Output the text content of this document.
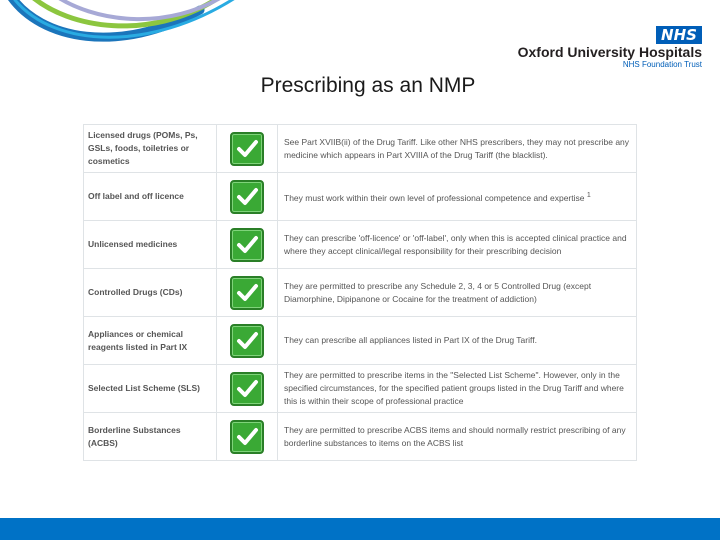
NHS
Oxford University Hospitals
NHS Foundation Trust
Prescribing as an NMP
Licensed drugs (POMs, Ps, GSLs, foods, toiletries or cosmetics		See Part XVIIB(ii) of the Drug Tariff. Like other NHS prescribers, they may not prescribe any medicine which appears in Part XVIIIA of the Drug Tariff (the blacklist).
Off label and off licence		They must work within their own level of professional competence and expertise $^1$
Unlicensed medicines		They can prescribe 'off-licence' or 'off-label', only when this is accepted clinical practice and where they accept clinical/legal responsibility for their prescribing decision
Controlled Drugs (CDs)		They are permitted to prescribe any Schedule 2, 3, 4 or 5 Controlled Drug (except Diamorphine, Dipipanone or Cocaine for the treatment of addiction)
Appliances or chemical reagents listed in Part IX		They can prescribe all appliances listed in Part IX of the Drug Tariff.
Selected List Scheme (SLS)		They are permitted to prescribe items in the "Selected List Scheme". However, only in the specified circumstances, for the specified patient groups listed in the Drug Tariff and where this is within their scope of professional practice
Borderline Substances (ACBS)		They are permitted to prescribe ACBS items and should normally restrict prescribing of any borderline substances to items on the ACBS list
